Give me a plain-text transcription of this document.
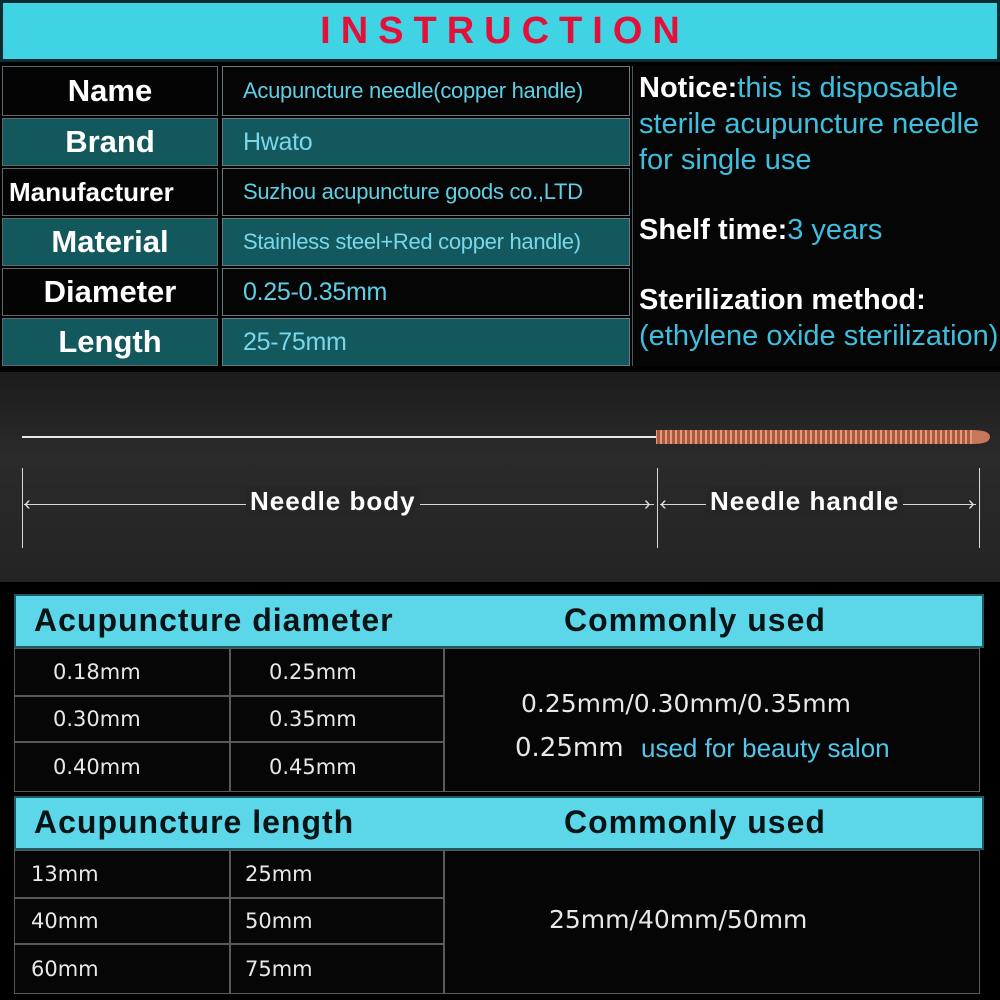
INSTRUCTION
Name	Acupuncture needle(copper handle)
Brand	Hwato
Manufacturer	Suzhou acupuncture goods co.,LTD
Material	Stainless steel+Red copper handle)
Diameter	0.25-0.35mm
Length	25-75mm

Notice:this is disposable sterile acupuncture needle for single use

Shelf time:3 years

Sterilization method:
(ethylene oxide sterilization)

‹	› ‹	›
Needle body	Needle handle
Acupuncture diameter	Commonly used
0.18mm	0.25mm
0.30mm	0.35mm
0.40mm	0.45mm
0.25mm/0.30mm/0.35mm
0.25mm used for beauty salon
Acupuncture length	Commonly used
13mm	25mm
40mm	50mm
60mm	75mm
25mm/40mm/50mm
